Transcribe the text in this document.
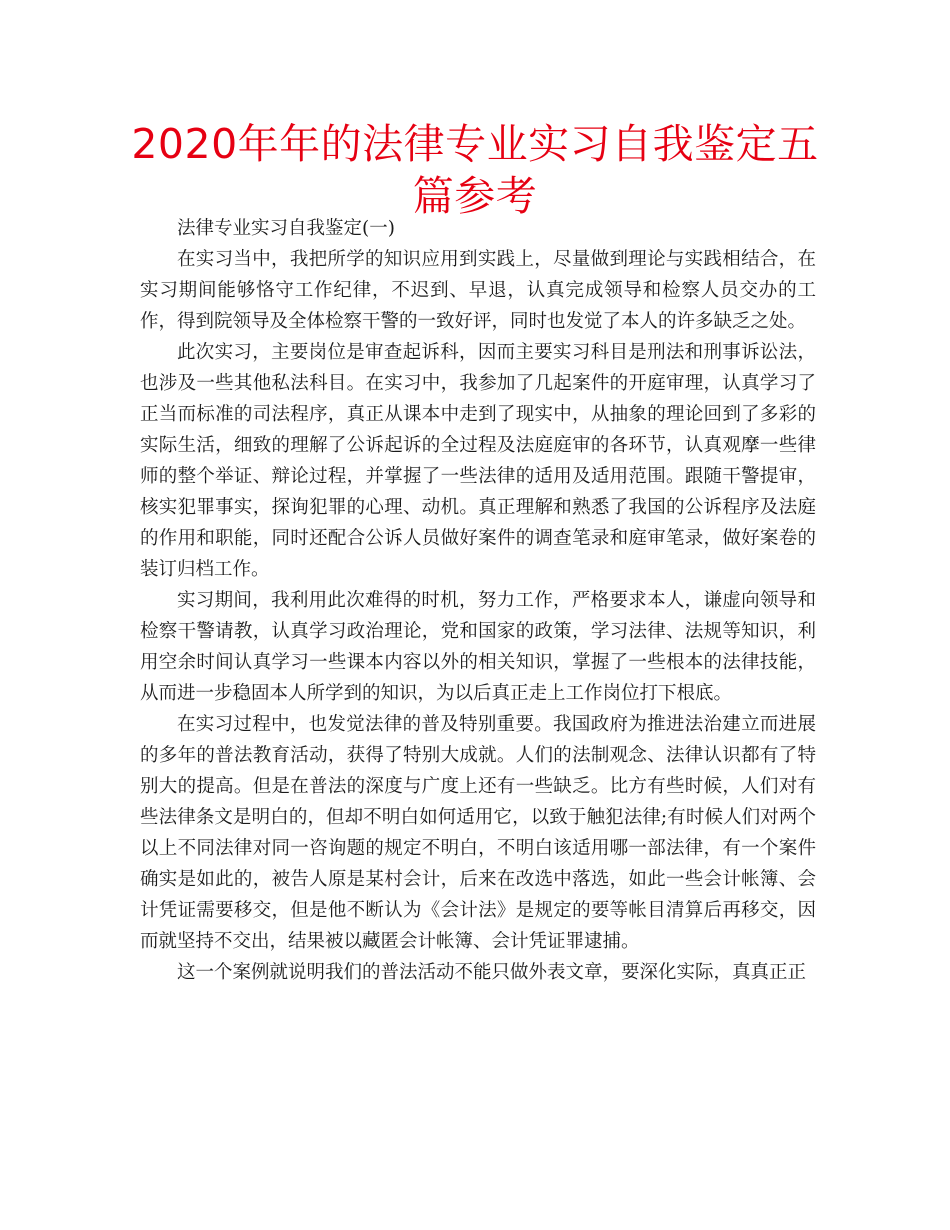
2020年年的法律专业实习自我鉴定五篇参考

法律专业实习自我鉴定(一)

在实习当中，我把所学的知识应用到实践上，尽量做到理论与实践相结合，在实习期间能够恪守工作纪律，不迟到、早退，认真完成领导和检察人员交办的工作，得到院领导及全体检察干警的一致好评，同时也发觉了本人的许多缺乏之处。

此次实习，主要岗位是审查起诉科，因而主要实习科目是刑法和刑事诉讼法，也涉及一些其他私法科目。在实习中，我参加了几起案件的开庭审理，认真学习了正当而标准的司法程序，真正从课本中走到了现实中，从抽象的理论回到了多彩的实际生活，细致的理解了公诉起诉的全过程及法庭庭审的各环节，认真观摩一些律师的整个举证、辩论过程，并掌握了一些法律的适用及适用范围。跟随干警提审，核实犯罪事实，探询犯罪的心理、动机。真正理解和熟悉了我国的公诉程序及法庭的作用和职能，同时还配合公诉人员做好案件的调查笔录和庭审笔录，做好案卷的装订归档工作。

实习期间，我利用此次难得的时机，努力工作，严格要求本人，谦虚向领导和检察干警请教，认真学习政治理论，党和国家的政策，学习法律、法规等知识，利用空余时间认真学习一些课本内容以外的相关知识，掌握了一些根本的法律技能，从而进一步稳固本人所学到的知识，为以后真正走上工作岗位打下根底。

在实习过程中，也发觉法律的普及特别重要。我国政府为推进法治建立而进展的多年的普法教育活动，获得了特别大成就。人们的法制观念、法律认识都有了特别大的提高。但是在普法的深度与广度上还有一些缺乏。比方有些时候，人们对有些法律条文是明白的，但却不明白如何适用它，以致于触犯法律;有时候人们对两个以上不同法律对同一咨询题的规定不明白，不明白该适用哪一部法律，有一个案件确实是如此的，被告人原是某村会计，后来在改选中落选，如此一些会计帐簿、会计凭证需要移交，但是他不断认为《会计法》是规定的要等帐目清算后再移交，因而就坚持不交出，结果被以藏匿会计帐簿、会计凭证罪逮捕。

这一个案例就说明我们的普法活动不能只做外表文章，要深化实际，真真正正
